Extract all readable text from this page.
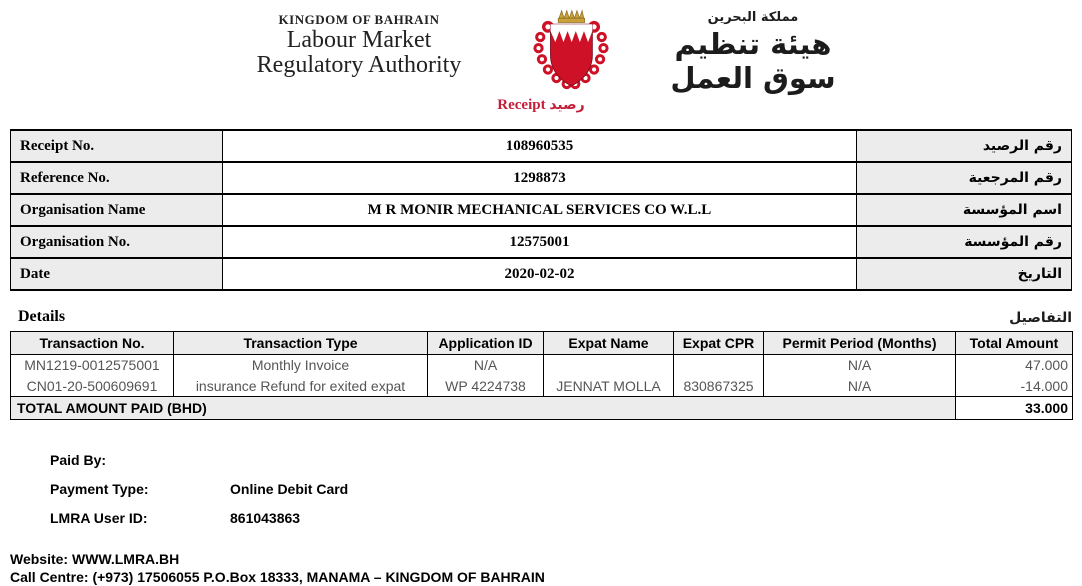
KINGDOM OF BAHRAIN
Labour Market
Regulatory Authority
مملكة البحرين
هيئة تنظيم سوق العمل
Receipt رصيد
Receipt No.	108960535	رقم الرصيد
Reference No.	1298873	رقم المرجعية
Organisation Name	M R MONIR MECHANICAL SERVICES CO W.L.L	اسم المؤسسة
Organisation No.	12575001	رقم المؤسسة
Date	2020-02-02	التاريخ
Details	التفاصيل
Transaction No.	Transaction Type	Application ID	Expat Name	Expat CPR	Permit Period (Months)	Total Amount
MN1219-0012575001	Monthly Invoice	N/A			N/A	47.000
CN01-20-500609691	insurance Refund for exited expat	WP 4224738	JENNAT MOLLA	830867325	N/A	-14.000
TOTAL AMOUNT PAID (BHD)						33.000
Paid By:
Payment Type:	Online Debit Card
LMRA User ID:	861043863
Website: WWW.LMRA.BH
Call Centre: (+973) 17506055 P.O.Box 18333, MANAMA – KINGDOM OF BAHRAIN
